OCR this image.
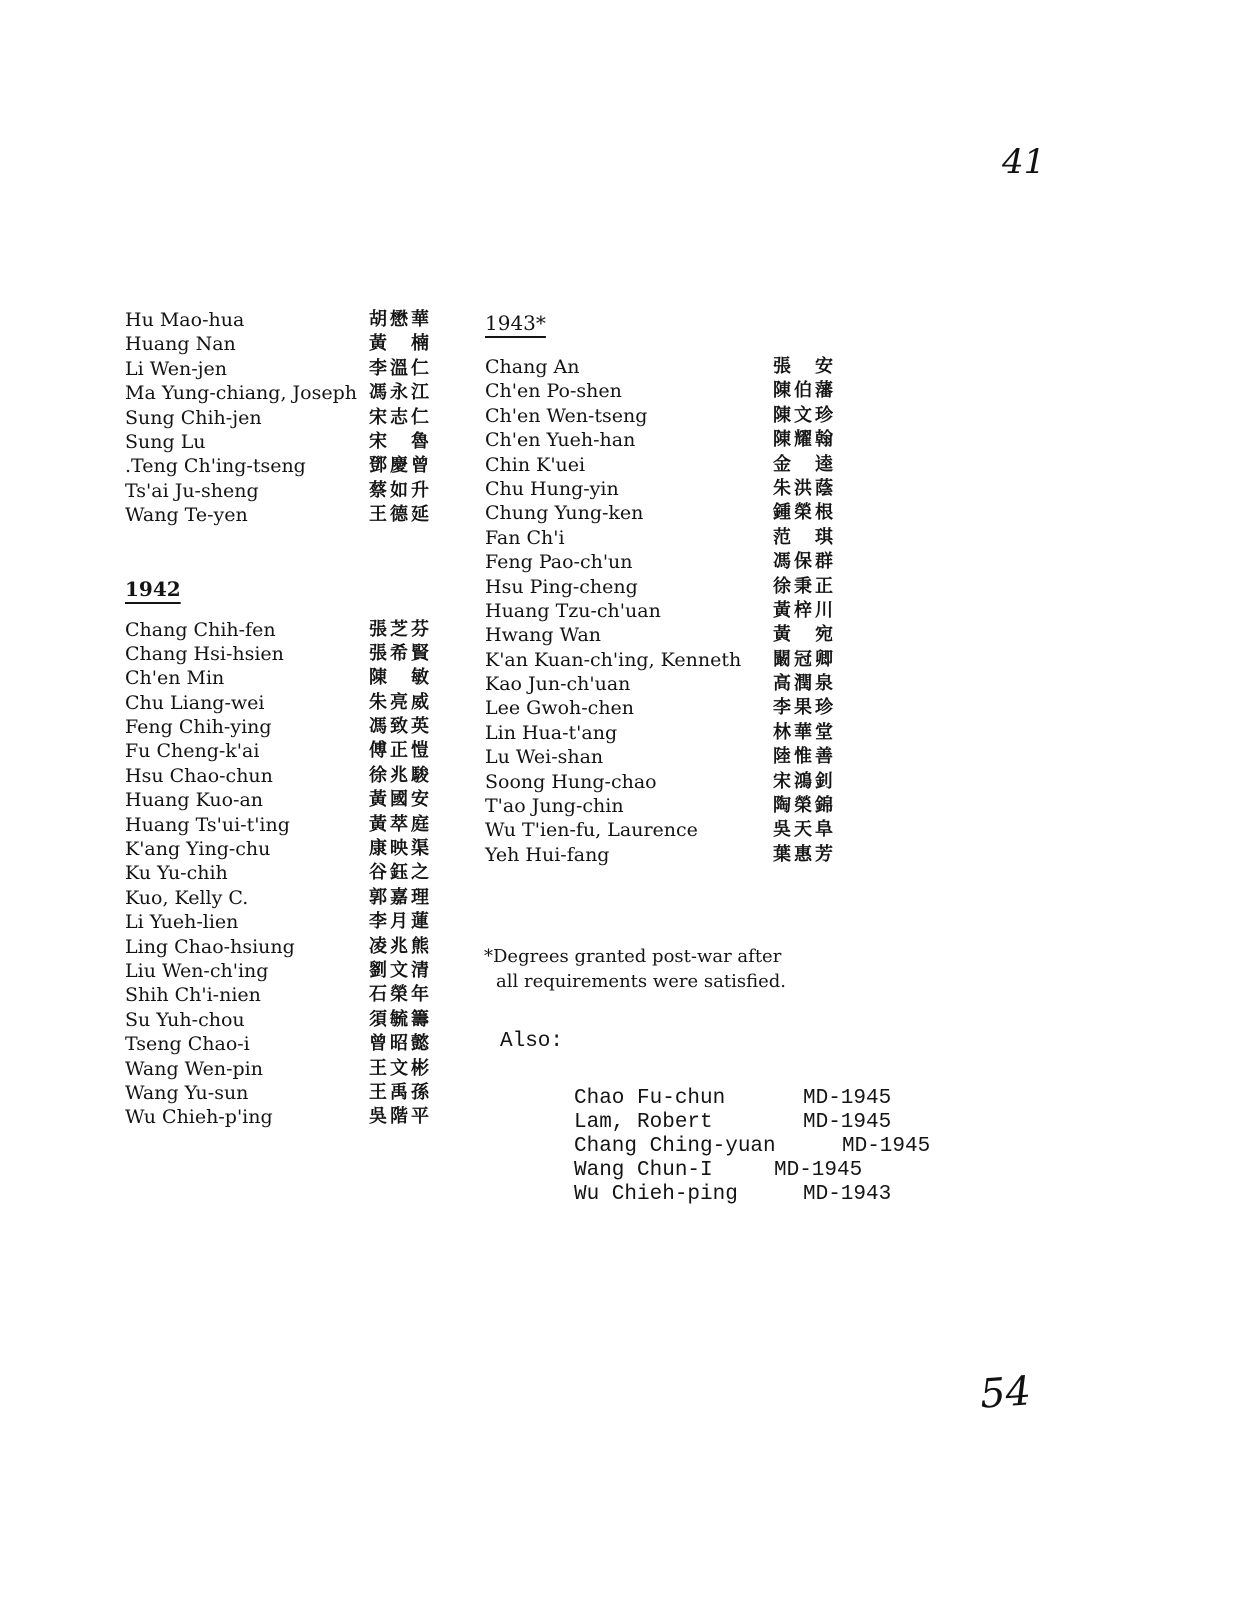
41
Hu Mao-hua	胡懋華
Huang Nan	黃　楠
Li Wen-jen	李溫仁
Ma Yung-chiang, Joseph 馮永江
Sung Chih-jen	宋志仁
Sung Lu	宋　魯
.Teng Ch'ing-tseng	鄧慶曾
Ts'ai Ju-sheng	蔡如升
Wang Te-yen	王德延
1942
Chang Chih-fen	張芝芬
Chang Hsi-hsien	張希賢
Ch'en Min	陳　敏
Chu Liang-wei	朱亮威
Feng Chih-ying	馮致英
Fu Cheng-k'ai	傅正愷
Hsu Chao-chun	徐兆駿
Huang Kuo-an	黃國安
Huang Ts'ui-t'ing	黃萃庭
K'ang Ying-chu	康映渠
Ku Yu-chih	谷鈺之
Kuo, Kelly C.	郭嘉理
Li Yueh-lien	李月蓮
Ling Chao-hsiung	凌兆熊
Liu Wen-ch'ing	劉文清
Shih Ch'i-nien	石榮年
Su Yuh-chou	須毓籌
Tseng Chao-i	曾昭懿
Wang Wen-pin	王文彬
Wang Yu-sun	王禹孫
Wu Chieh-p'ing	吳階平
1943*
Chang An	張　安
Ch'en Po-shen	陳伯藩
Ch'en Wen-tseng	陳文珍
Ch'en Yueh-han	陳耀翰
Chin K'uei	金　逵
Chu Hung-yin	朱洪蔭
Chung Yung-ken	鍾榮根
Fan Ch'i	范　琪
Feng Pao-ch'un	馮保群
Hsu Ping-cheng	徐秉正
Huang Tzu-ch'uan	黃梓川
Hwang Wan	黃　宛
K'an Kuan-ch'ing, Kenneth 闞冠卿
Kao Jun-ch'uan	高潤泉
Lee Gwoh-chen	李果珍
Lin Hua-t'ang	林華堂
Lu Wei-shan	陸惟善
Soong Hung-chao	宋鴻釗
T'ao Jung-chin	陶榮錦
Wu T'ien-fu, Laurence	吳天阜
Yeh Hui-fang	葉惠芳
*Degrees granted post-war after
all requirements were satisfied.
Also:
Chao Fu-chun	MD-1945
Lam, Robert	MD-1945
Chang Ching-yuan	MD-1945
Wang Chun-I	MD-1945
Wu Chieh-ping	MD-1943
54
